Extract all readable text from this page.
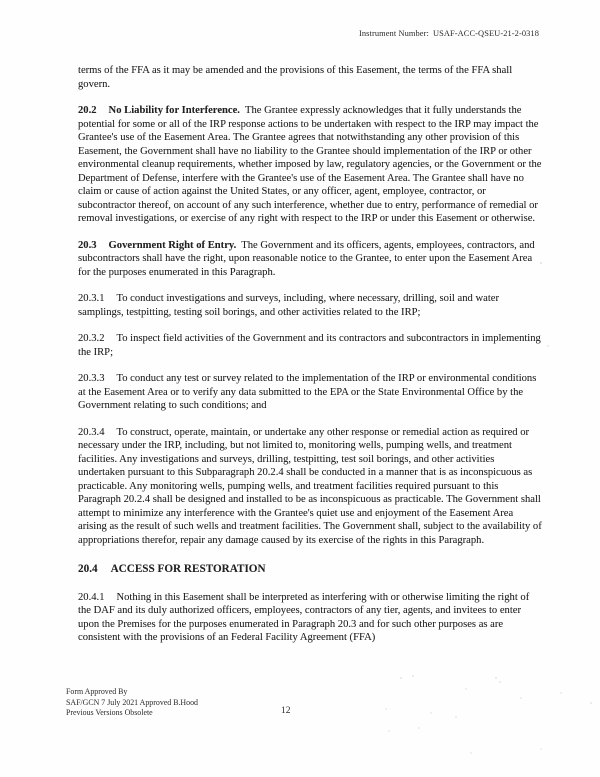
Instrument Number: USAF-ACC-QSEU-21-2-0318

terms of the FFA as it may be amended and the provisions of this Easement, the terms of the FFA shall govern.

20.2 No Liability for Interference. The Grantee expressly acknowledges that it fully understands the potential for some or all of the IRP response actions to be undertaken with respect to the IRP may impact the Grantee's use of the Easement Area. The Grantee agrees that notwithstanding any other provision of this Easement, the Government shall have no liability to the Grantee should implementation of the IRP or other environmental cleanup requirements, whether imposed by law, regulatory agencies, or the Government or the Department of Defense, interfere with the Grantee's use of the Easement Area. The Grantee shall have no claim or cause of action against the United States, or any officer, agent, employee, contractor, or subcontractor thereof, on account of any such interference, whether due to entry, performance of remedial or removal investigations, or exercise of any right with respect to the IRP or under this Easement or otherwise.

20.3 Government Right of Entry. The Government and its officers, agents, employees, contractors, and subcontractors shall have the right, upon reasonable notice to the Grantee, to enter upon the Easement Area for the purposes enumerated in this Paragraph.

20.3.1 To conduct investigations and surveys, including, where necessary, drilling, soil and water samplings, testpitting, testing soil borings, and other activities related to the IRP;

20.3.2 To inspect field activities of the Government and its contractors and subcontractors in implementing the IRP;

20.3.3 To conduct any test or survey related to the implementation of the IRP or environmental conditions at the Easement Area or to verify any data submitted to the EPA or the State Environmental Office by the Government relating to such conditions; and

20.3.4 To construct, operate, maintain, or undertake any other response or remedial action as required or necessary under the IRP, including, but not limited to, monitoring wells, pumping wells, and treatment facilities. Any investigations and surveys, drilling, testpitting, test soil borings, and other activities undertaken pursuant to this Subparagraph 20.2.4 shall be conducted in a manner that is as inconspicuous as practicable. Any monitoring wells, pumping wells, and treatment facilities required pursuant to this Paragraph 20.2.4 shall be designed and installed to be as inconspicuous as practicable. The Government shall attempt to minimize any interference with the Grantee's quiet use and enjoyment of the Easement Area arising as the result of such wells and treatment facilities. The Government shall, subject to the availability of appropriations therefor, repair any damage caused by its exercise of the rights in this Paragraph.

20.4 ACCESS FOR RESTORATION

20.4.1 Nothing in this Easement shall be interpreted as interfering with or otherwise limiting the right of the DAF and its duly authorized officers, employees, contractors of any tier, agents, and invitees to enter upon the Premises for the purposes enumerated in Paragraph 20.3 and for such other purposes as are consistent with the provisions of an Federal Facility Agreement (FFA)

Form Approved By
SAF/GCN 7 July 2021 Approved B.Hood
Previous Versions Obsolete	12
